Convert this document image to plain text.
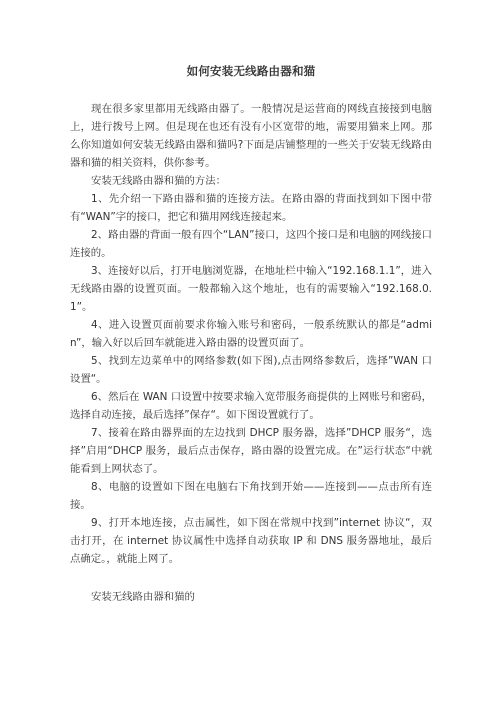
如何安装无线路由器和猫

现在很多家里都用无线路由器了。一般情况是运营商的网线直接接到电脑上，进行拨号上网。但是现在也还有没有小区宽带的地，需要用猫来上网。那么你知道如何安装无线路由器和猫吗?下面是店铺整理的一些关于安装无线路由器和猫的相关资料，供你参考。

安装无线路由器和猫的方法：

1、先介绍一下路由器和猫的连接方法。在路由器的背面找到如下图中带有“WAN”字的接口，把它和猫用网线连接起来。

2、路由器的背面一般有四个“LAN”接口，这四个接口是和电脑的网线接口连接的。

3、连接好以后，打开电脑浏览器，在地址栏中输入“192.168.1.1”，进入无线路由器的设置页面。一般都输入这个地址，也有的需要输入“192.168.0.1”。

4、进入设置页面前要求你输入账号和密码，一般系统默认的都是“admin”，输入好以后回车就能进入路由器的设置页面了。

5、找到左边菜单中的网络参数(如下图),点击网络参数后，选择”WAN 口设置“。

6、然后在 WAN 口设置中按要求输入宽带服务商提供的上网账号和密码，选择自动连接，最后选择”保存“。如下图设置就行了。

7、接着在路由器界面的左边找到 DHCP 服务器，选择”DHCP 服务“，选择”启用“DHCP 服务，最后点击保存，路由器的设置完成。在”运行状态“中就能看到上网状态了。

8、电脑的设置如下图在电脑右下角找到开始——连接到——点击所有连接。

9、打开本地连接，点击属性，如下图在常规中找到”internet 协议“，双击打开，在 internet 协议属性中选择自动获取 IP 和 DNS 服务器地址，最后点确定。，就能上网了。

安装无线路由器和猫的
